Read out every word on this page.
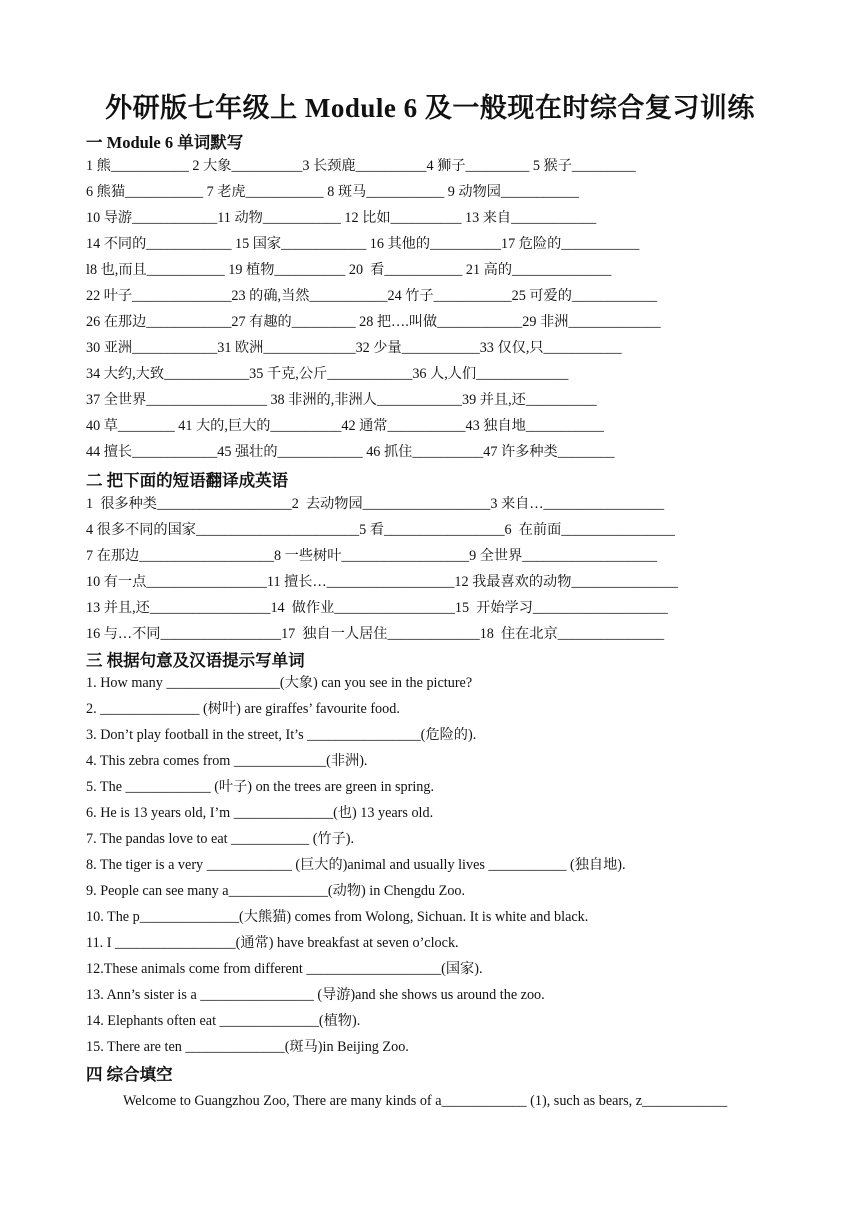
外研版七年级上 Module 6 及一般现在时综合复习训练
一 Module 6 单词默写
1 熊___________ 2 大象__________3 长颈鹿__________4 狮子_________ 5 猴子_________
6 熊猫___________ 7 老虎___________ 8 斑马___________ 9 动物园___________
10 导游____________11 动物___________ 12 比如__________ 13 来自____________
14 不同的____________ 15 国家____________ 16 其他的__________17 危险的___________
l8 也,而且___________ 19 植物__________ 20  看___________ 21 高的______________
22 叶子______________23 的确,当然___________24 竹子___________25 可爱的____________
26 在那边____________27 有趣的_________ 28 把….叫做____________29 非洲_____________
30 亚洲____________31 欧洲_____________32 少量___________33 仅仅,只___________
34 大约,大致____________35 千克,公斤____________36 人,人们_____________
37 全世界_________________ 38 非洲的,非洲人____________39 并且,还__________
40 草________ 41 大的,巨大的__________42 通常___________43 独自地___________
44 擅长____________45 强壮的____________ 46 抓住__________47 许多种类________
二 把下面的短语翻译成英语
1  很多种类___________________2  去动物园__________________3 来自…_________________
4 很多不同的国家_______________________5 看_________________6  在前面________________
7 在那边___________________8 一些树叶__________________9 全世界___________________
10 有一点_________________11 擅长…__________________12 我最喜欢的动物_______________
13 并且,还_________________14  做作业_________________15  开始学习___________________
16 与…不同_________________17  独自一人居住_____________18  住在北京_______________
三 根据句意及汉语提示写单词
1. How many ________________(大象) can you see in the picture?
2. ______________ (树叶) are giraffes’ favourite food.
3. Don’t play football in the street, It’s ________________(危险的).
4. This zebra comes from _____________(非洲).
5. The ____________ (叶子) on the trees are green in spring.
6. He is 13 years old, I’m ______________(也) 13 years old.
7. The pandas love to eat ___________ (竹子).
8. The tiger is a very ____________ (巨大的)animal and usually lives ___________ (独自地).
9. People can see many a______________(动物) in Chengdu Zoo.
10. The p______________(大熊猫) comes from Wolong, Sichuan. It is white and black.
11. I _________________(通常) have breakfast at seven o’clock.
12.These animals come from different ___________________(国家).
13. Ann’s sister is a ________________ (导游)and she shows us around the zoo.
14. Elephants often eat ______________(植物).
15. There are ten ______________(斑马)in Beijing Zoo.
四 综合填空
Welcome to Guangzhou Zoo, There are many kinds of a____________ (1), such as bears, z____________
